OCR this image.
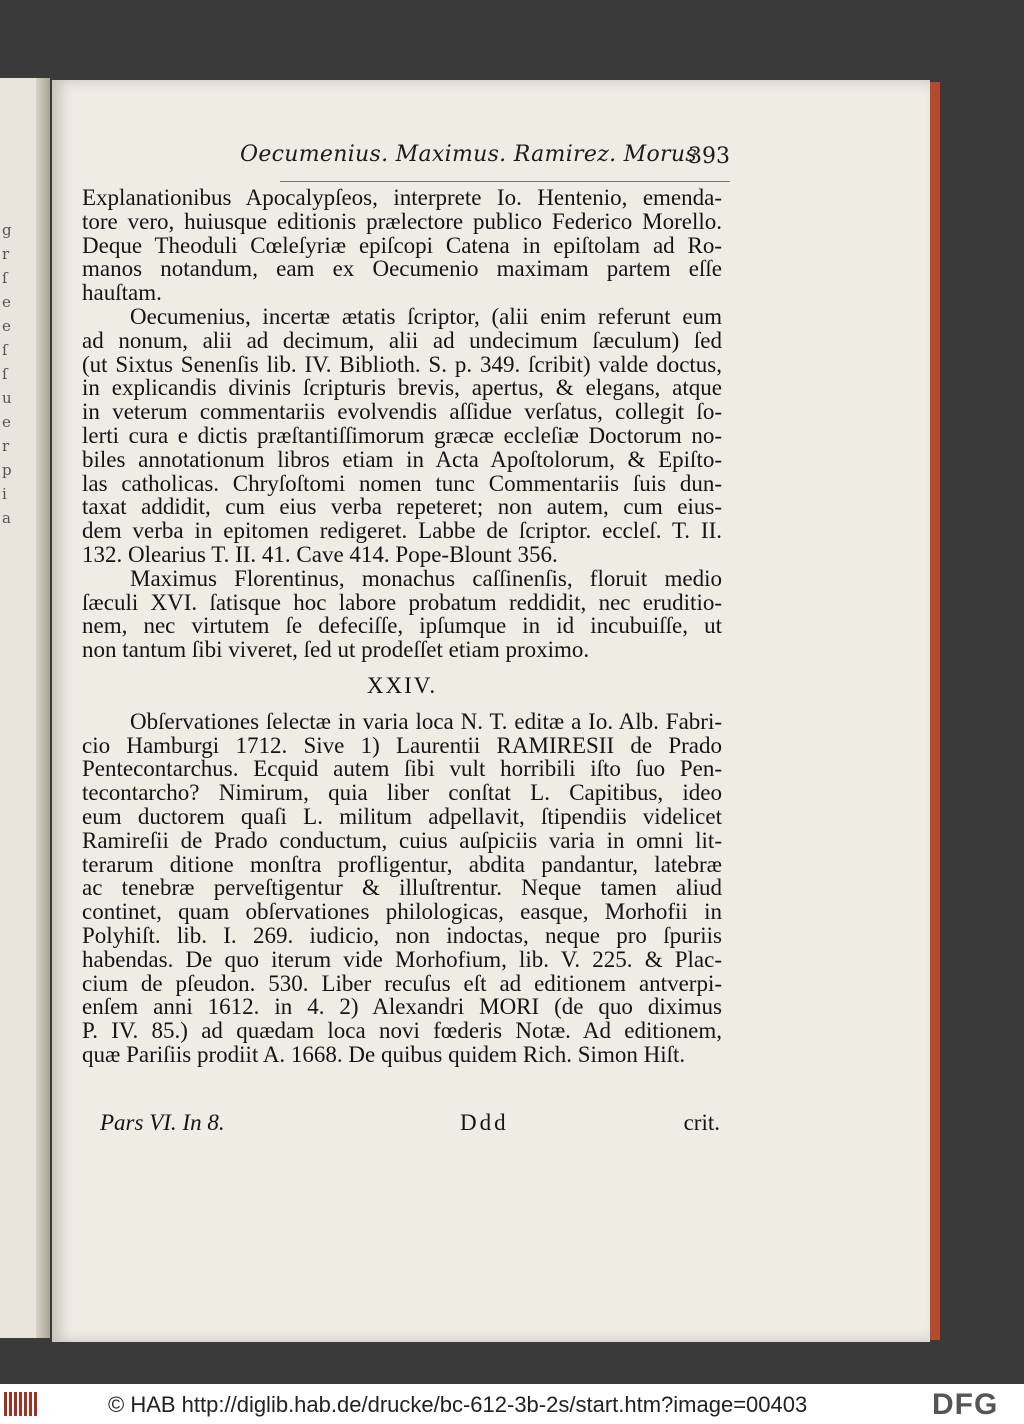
g
r
ſ
e
e
ſ
ſ
u
e
r
p
i
a
Oecumenius. Maximus. Ramirez. Morus
393
Explanationibus Apocalypſeos, interprete Io. Hentenio, emenda-
tore vero, huiusque editionis prælectore publico Federico Morello.
Deque Theoduli Cœleſyriæ epiſcopi Catena in epiſtolam ad Ro-
manos notandum, eam ex Oecumenio maximam partem eſſe
hauſtam.
Oecumenius, incertæ ætatis ſcriptor, (alii enim referunt eum
ad nonum, alii ad decimum, alii ad undecimum ſæculum) ſed
(ut Sixtus Senenſis lib. IV. Biblioth. S. p. 349. ſcribit) valde doctus,
in explicandis divinis ſcripturis brevis, apertus, & elegans, atque
in veterum commentariis evolvendis aſſidue verſatus, collegit ſo-
lerti cura e dictis præſtantiſſimorum græcæ eccleſiæ Doctorum no-
biles annotationum libros etiam in Acta Apoſtolorum, & Epiſto-
las catholicas. Chryſoſtomi nomen tunc Commentariis ſuis dun-
taxat addidit, cum eius verba repeteret; non autem, cum eius-
dem verba in epitomen redigeret. Labbe de ſcriptor. eccleſ. T. II.
132. Olearius T. II. 41. Cave 414. Pope-Blount 356.
Maximus Florentinus, monachus caſſinenſis, floruit medio
ſæculi XVI. ſatisque hoc labore probatum reddidit, nec eruditio-
nem, nec virtutem ſe defeciſſe, ipſumque in id incubuiſſe, ut
non tantum ſibi viveret, ſed ut prodeſſet etiam proximo.
XXIV.
Obſervationes ſelectæ in varia loca N. T. editæ a Io. Alb. Fabri-
cio Hamburgi 1712. Sive 1) Laurentii RAMIRESII de Prado
Pentecontarchus. Ecquid autem ſibi vult horribili iſto ſuo Pen-
tecontarcho? Nimirum, quia liber conſtat L. Capitibus, ideo
eum ductorem quaſi L. militum adpellavit, ſtipendiis videlicet
Ramireſii de Prado conductum, cuius auſpiciis varia in omni lit-
terarum ditione monſtra profligentur, abdita pandantur, latebræ
ac tenebræ perveſtigentur & illuſtrentur. Neque tamen aliud
continet, quam obſervationes philologicas, easque, Morhofii in
Polyhiſt. lib. I. 269. iudicio, non indoctas, neque pro ſpuriis
habendas. De quo iterum vide Morhofium, lib. V. 225. & Plac-
cium de pſeudon. 530. Liber recuſus eſt ad editionem antverpi-
enſem anni 1612. in 4. 2) Alexandri MORI (de quo diximus
P. IV. 85.) ad quædam loca novi fœderis Notæ. Ad editionem,
quæ Pariſiis prodiit A. 1668. De quibus quidem Rich. Simon Hiſt.
Pars VI. In 8.	Ddd	crit.
© HAB http://diglib.hab.de/drucke/bc-612-3b-2s/start.htm?image=00403	DFG
